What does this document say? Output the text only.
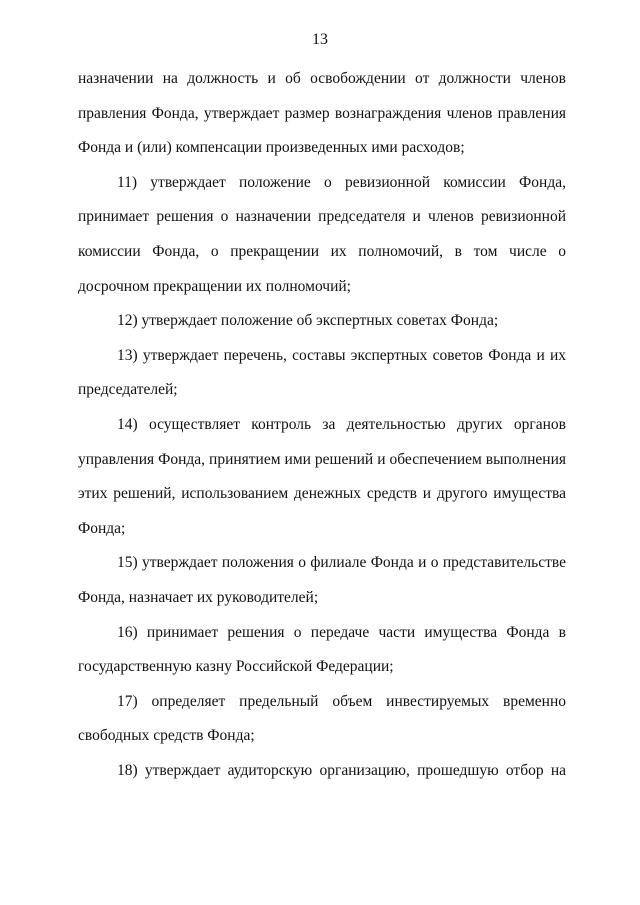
13

назначении на должность и об освобождении от должности членов правления Фонда, утверждает размер вознаграждения членов правления Фонда и (или) компенсации произведенных ими расходов;

11) утверждает положение о ревизионной комиссии Фонда, принимает решения о назначении председателя и членов ревизионной комиссии Фонда, о прекращении их полномочий, в том числе о досрочном прекращении их полномочий;

12) утверждает положение об экспертных советах Фонда;

13) утверждает перечень, составы экспертных советов Фонда и их председателей;

14) осуществляет контроль за деятельностью других органов управления Фонда, принятием ими решений и обеспечением выполнения этих решений, использованием денежных средств и другого имущества Фонда;

15) утверждает положения о филиале Фонда и о представительстве Фонда, назначает их руководителей;

16) принимает решения о передаче части имущества Фонда в государственную казну Российской Федерации;

17) определяет предельный объем инвестируемых временно свободных средств Фонда;

18) утверждает аудиторскую организацию, прошедшую отбор на
